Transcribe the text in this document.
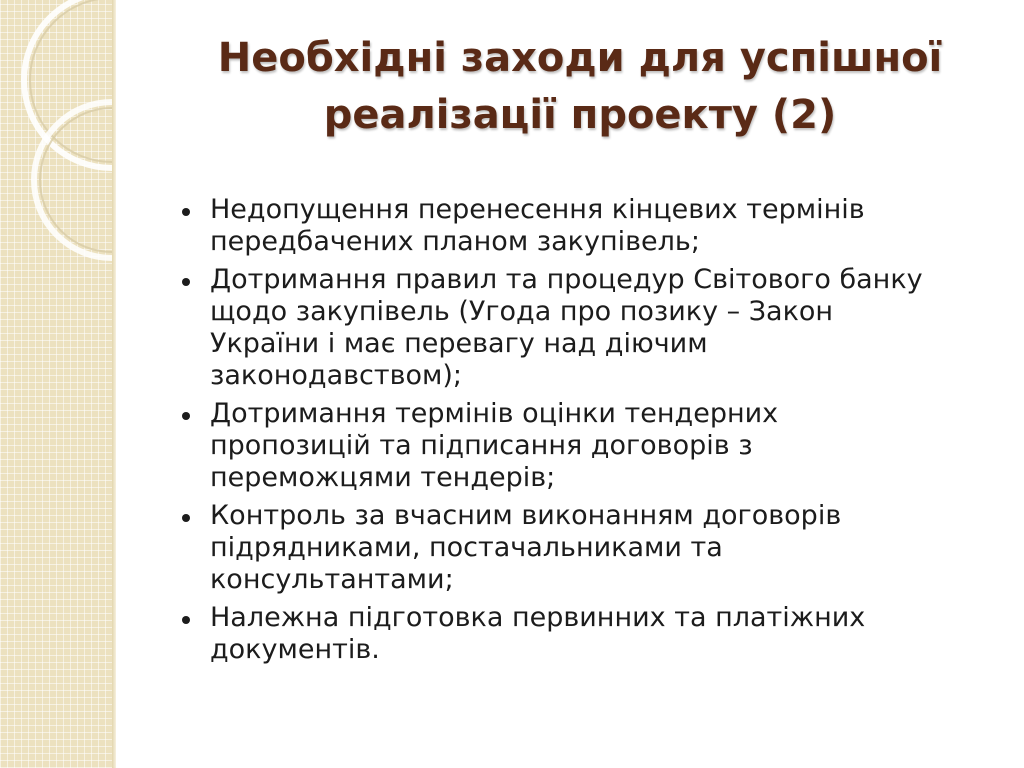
Необхідні заходи для успішної
реалізації проекту (2)
Недопущення перенесення кінцевих термінів
передбачених планом закупівель;
Дотримання правил та процедур Світового банку
щодо закупівель (Угода про позику – Закон
України і має перевагу над діючим
законодавством);
Дотримання термінів оцінки тендерних
пропозицій та підписання договорів з
переможцями тендерів;
Контроль за вчасним виконанням договорів
підрядниками, постачальниками та
консультантами;
Належна підготовка первинних та платіжних
документів.
